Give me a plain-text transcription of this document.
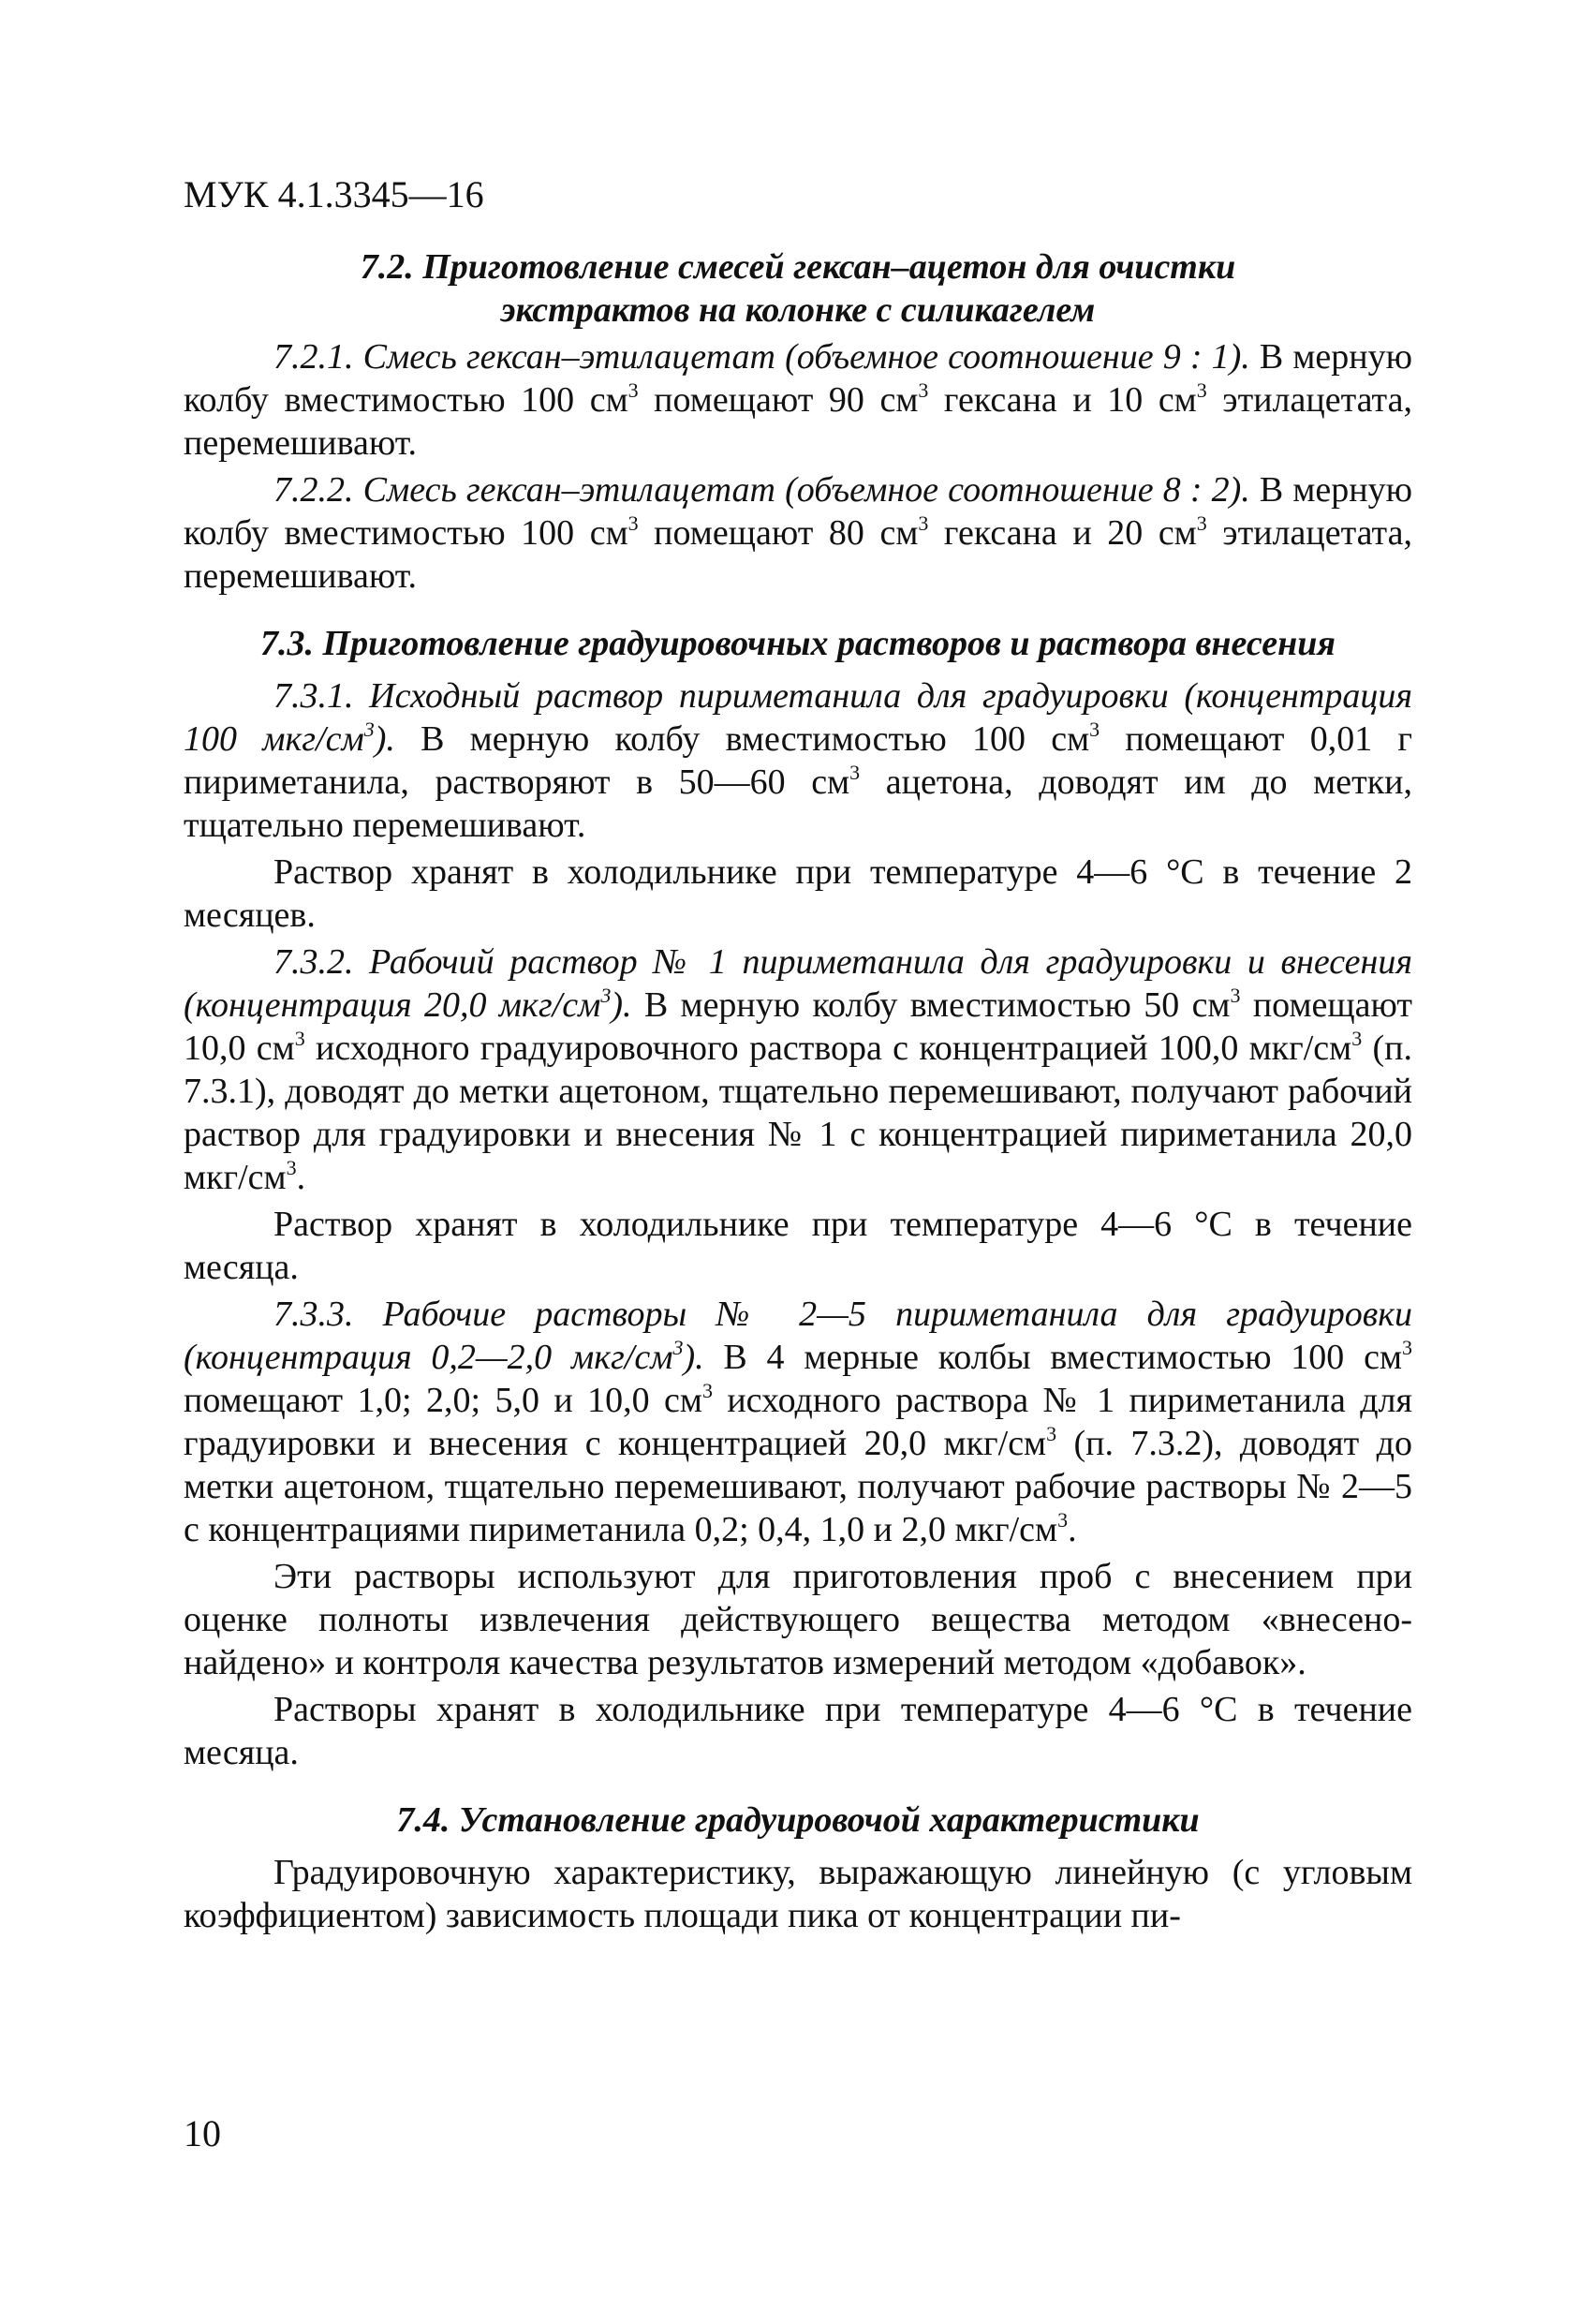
МУК 4.1.3345—16
7.2. Приготовление смесей гексан–ацетон для очистки
экстрактов на колонке с силикагелем

7.2.1. Смесь гексан–этилацетат (объемное соотношение 9 : 1). В мерную колбу вместимостью 100 $см^3$ помещают 90 $см^3$ гексана и 10 $см^3$ этилацетата, перемешивают.

7.2.2. Смесь гексан–этилацетат (объемное соотношение 8 : 2). В мерную колбу вместимостью 100 $см^3$ помещают 80 $см^3$ гексана и 20 $см^3$ этилацетата, перемешивают.

7.3. Приготовление градуировочных растворов и раствора внесения

7.3.1. Исходный раствор пириметанила для градуировки (концентрация 100 мкг/$см^3$). В мерную колбу вместимостью 100 $см^3$ помещают 0,01 г пириметанила, растворяют в 50—60 $см^3$ ацетона, доводят им до метки, тщательно перемешивают.

Раствор хранят в холодильнике при температуре 4—6 °С в течение 2 месяцев.

7.3.2. Рабочий раствор № 1 пириметанила для градуировки и внесения (концентрация 20,0 мкг/$см^3$). В мерную колбу вместимостью 50 $см^3$ помещают 10,0 $см^3$ исходного градуировочного раствора с концентрацией 100,0 мкг/$см^3$ (п. 7.3.1), доводят до метки ацетоном, тщательно перемешивают, получают рабочий раствор для градуировки и внесения № 1 с концентрацией пириметанила 20,0 мкг/$см^3$.

Раствор хранят в холодильнике при температуре 4—6 °С в течение месяца.

7.3.3. Рабочие растворы № 2—5 пириметанила для градуировки (концентрация 0,2—2,0 мкг/$см^3$). В 4 мерные колбы вместимостью 100 $см^3$ помещают 1,0; 2,0; 5,0 и 10,0 $см^3$ исходного раствора № 1 пириметанила для градуировки и внесения с концентрацией 20,0 мкг/$см^3$ (п. 7.3.2), доводят до метки ацетоном, тщательно перемешивают, получают рабочие растворы № 2—5 с концентрациями пириметанила 0,2; 0,4, 1,0 и 2,0 мкг/$см^3$.

Эти растворы используют для приготовления проб с внесением при оценке полноты извлечения действующего вещества методом «внесено-найдено» и контроля качества результатов измерений методом «добавок».

Растворы хранят в холодильнике при температуре 4—6 °С в течение месяца.

7.4. Установление градуировочой характеристики

Градуировочную характеристику, выражающую линейную (с угловым коэффициентом) зависимость площади пика от концентрации пи-

10
